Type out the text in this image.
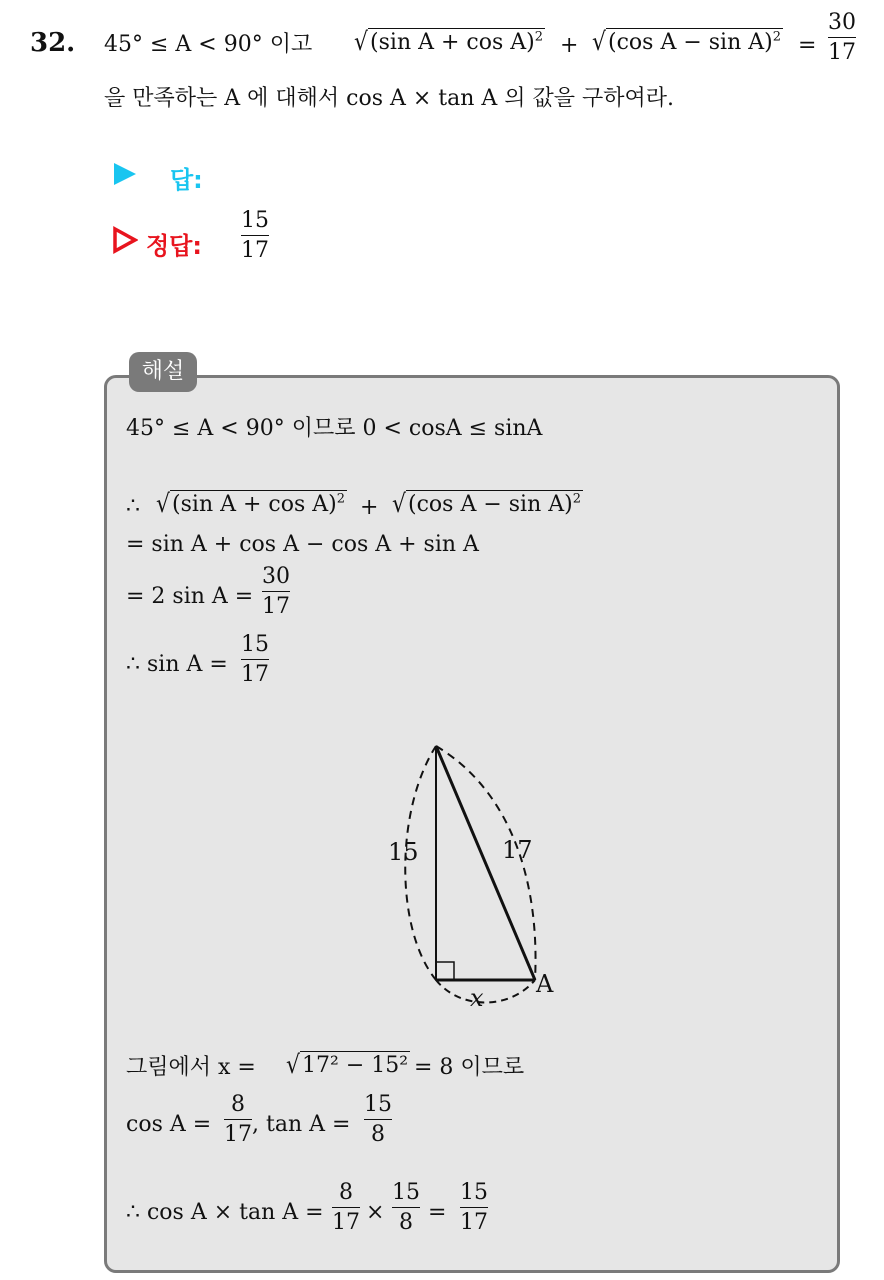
32. 45° ≤ A < 90° 이고 √(sin A + cos A)$^2$ + √(cos A − sin A)$^2$ =
30
17
을 만족하는 A 에 대해서 cos A × tan A 의 값을 구하여라.
답:
정답:
15
17
해설
45° ≤ A < 90° 이므로 0 < cosA ≤ sinA
∴ √(sin A + cos A)$^2$ + √(cos A − sin A)$^2$
= sin A + cos A − cos A + sin A
= 2 sin A =
30
17
∴ sin A =
15
17
15	17
x A
그림에서 x = √17² − 15² = 8 이므로
cos A =
8
17 , tan A =
15
8
∴ cos A × tan A =
8
17 ×
15
8 =
15
17
